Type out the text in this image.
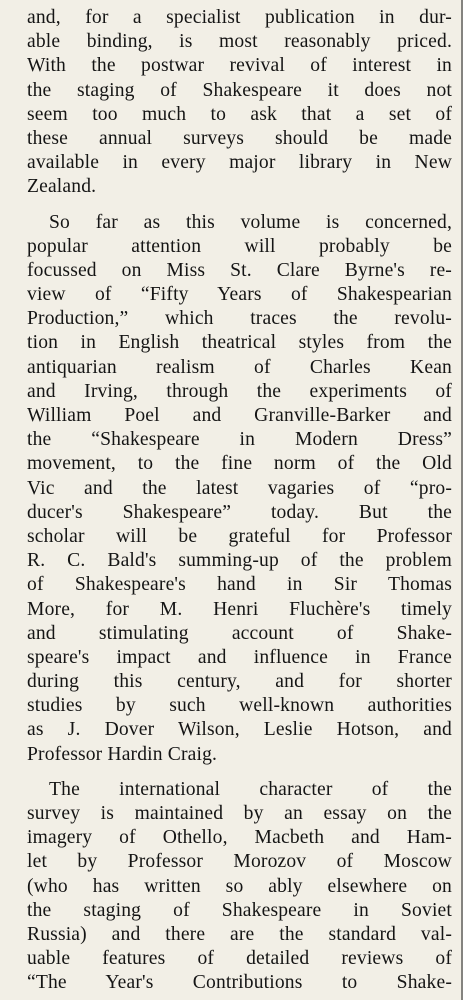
and, for a specialist publication in dur-
able binding, is most reasonably priced.
With the postwar revival of interest in
the staging of Shakespeare it does not
seem too much to ask that a set of
these annual surveys should be made
available in every major library in New
Zealand.
So far as this volume is concerned,
popular attention will probably be
focussed on Miss St. Clare Byrne's re-
view of “Fifty Years of Shakespearian
Production,” which traces the revolu-
tion in English theatrical styles from the
antiquarian realism of Charles Kean
and Irving, through the experiments of
William Poel and Granville-Barker and
the “Shakespeare in Modern Dress”
movement, to the fine norm of the Old
Vic and the latest vagaries of “pro-
ducer's Shakespeare” today. But the
scholar will be grateful for Professor
R. C. Bald's summing-up of the problem
of Shakespeare's hand in Sir Thomas
More, for M. Henri Fluchère's timely
and stimulating account of Shake-
speare's impact and influence in France
during this century, and for shorter
studies by such well-known authorities
as J. Dover Wilson, Leslie Hotson, and
Professor Hardin Craig.
The international character of the
survey is maintained by an essay on the
imagery of Othello, Macbeth and Ham-
let by Professor Morozov of Moscow
(who has written so ably elsewhere on
the staging of Shakespeare in Soviet
Russia) and there are the standard val-
uable features of detailed reviews of
“The Year's Contributions to Shake-
